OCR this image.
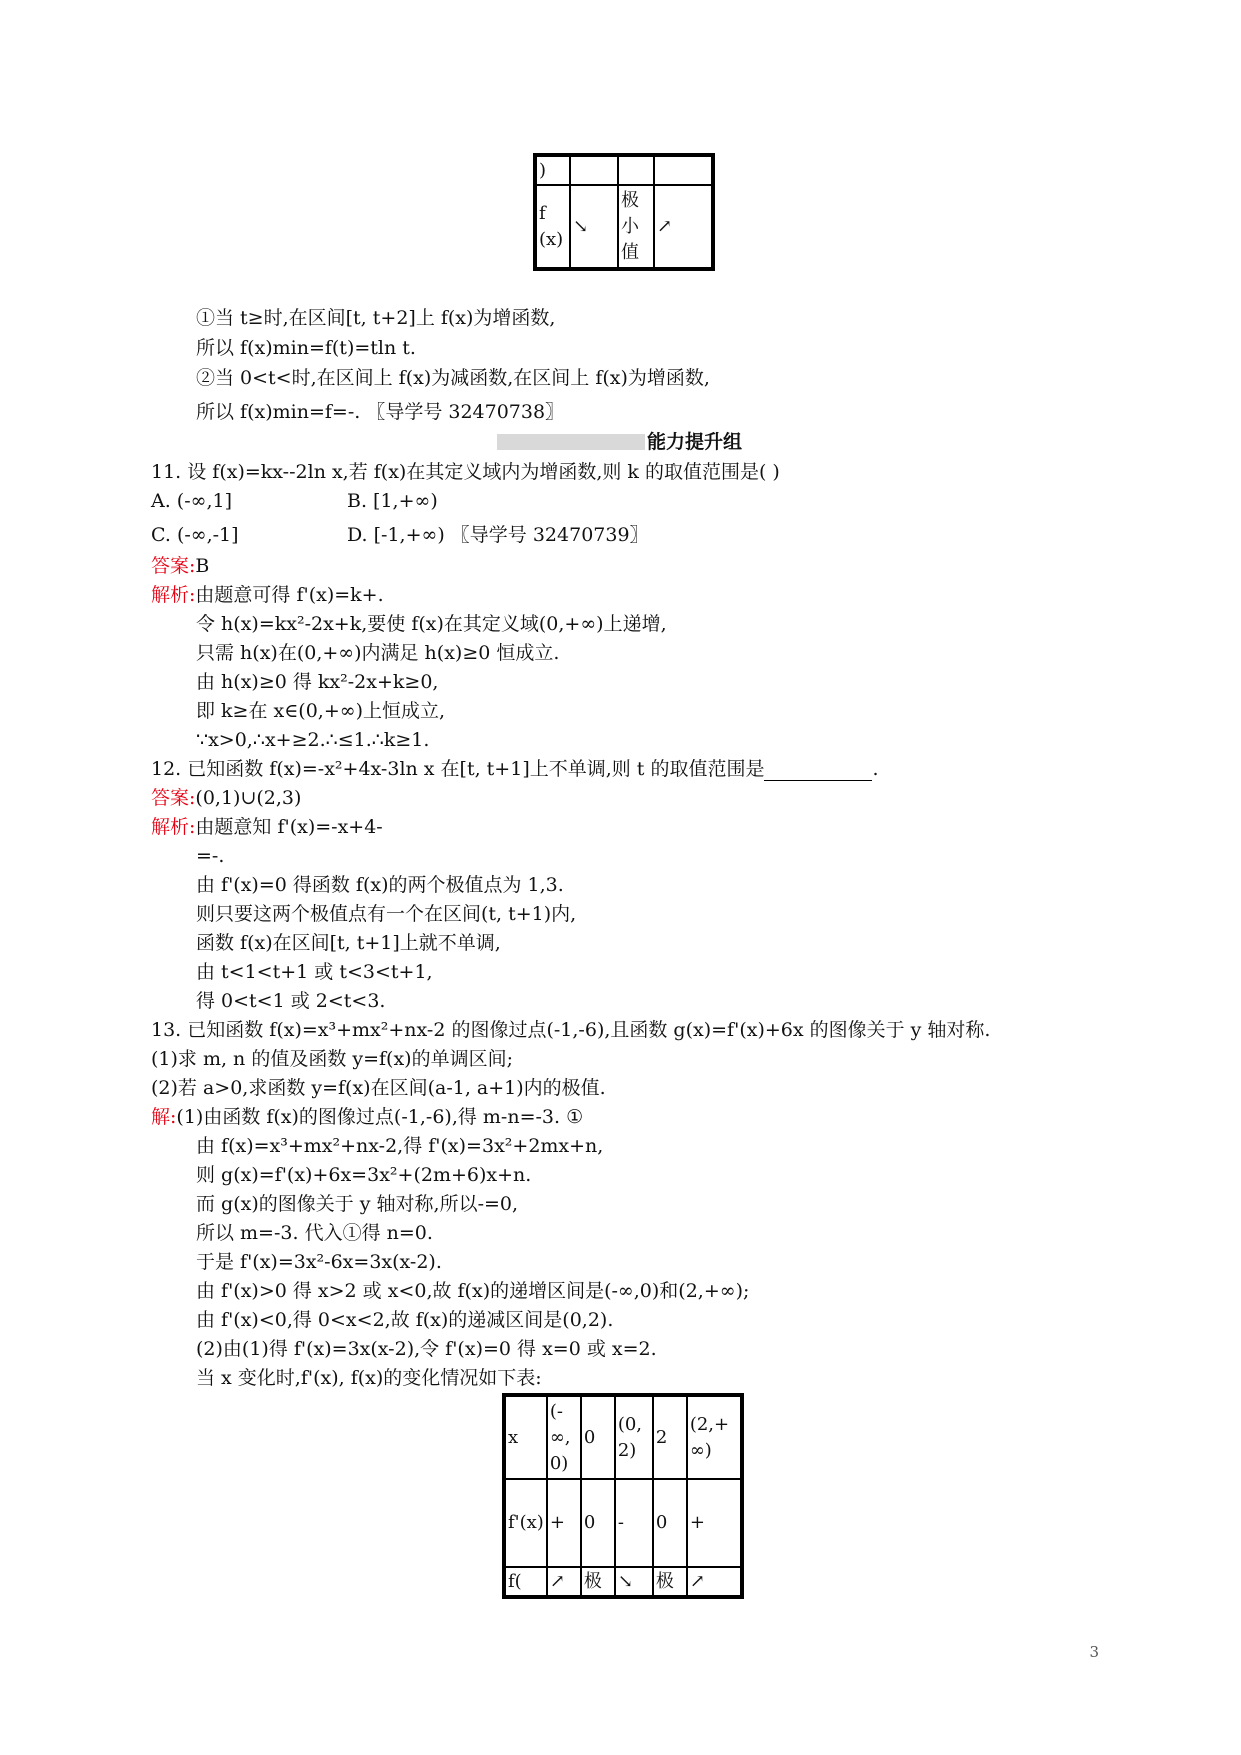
)			
f(x)	↘	极小值	↗
①当 t≥时,在区间[t, t+2]上 f(x)为增函数,
所以 f(x)min=f(t)=tln t.
②当 0<t<时,在区间上 f(x)为减函数,在区间上 f(x)为增函数,
所以 f(x)min=f=-. 〖导学号 32470738〗
能力提升组
11. 设 f(x)=kx--2ln x,若 f(x)在其定义域内为增函数,则 k 的取值范围是( )
A. (-∞,1]	B. [1,+∞)
C. (-∞,-1]	D. [-1,+∞) 〖导学号 32470739〗
答案:B
解析:由题意可得 f'(x)=k+.
令 h(x)=kx²-2x+k,要使 f(x)在其定义域(0,+∞)上递增,
只需 h(x)在(0,+∞)内满足 h(x)≥0 恒成立.
由 h(x)≥0 得 kx²-2x+k≥0,
即 k≥在 x∈(0,+∞)上恒成立,
∵x>0,∴x+≥2.∴≤1.∴k≥1.
12. 已知函数 f(x)=-x²+4x-3ln x 在[t, t+1]上不单调,则 t 的取值范围是	.
答案:(0,1)∪(2,3)
解析:由题意知 f'(x)=-x+4-
=-.
由 f'(x)=0 得函数 f(x)的两个极值点为 1,3.
则只要这两个极值点有一个在区间(t, t+1)内,
函数 f(x)在区间[t, t+1]上就不单调,
由 t<1<t+1 或 t<3<t+1,
得 0<t<1 或 2<t<3.
13. 已知函数 f(x)=x³+mx²+nx-2 的图像过点(-1,-6),且函数 g(x)=f'(x)+6x 的图像关于 y 轴对称.
(1)求 m, n 的值及函数 y=f(x)的单调区间;
(2)若 a>0,求函数 y=f(x)在区间(a-1, a+1)内的极值.
解:(1)由函数 f(x)的图像过点(-1,-6),得 m-n=-3. ①
由 f(x)=x³+mx²+nx-2,得 f'(x)=3x²+2mx+n,
则 g(x)=f'(x)+6x=3x²+(2m+6)x+n.
而 g(x)的图像关于 y 轴对称,所以-=0,
所以 m=-3. 代入①得 n=0.
于是 f'(x)=3x²-6x=3x(x-2).
由 f'(x)>0 得 x>2 或 x<0,故 f(x)的递增区间是(-∞,0)和(2,+∞);
由 f'(x)<0,得 0<x<2,故 f(x)的递减区间是(0,2).
(2)由(1)得 f'(x)=3x(x-2),令 f'(x)=0 得 x=0 或 x=2.
当 x 变化时,f'(x), f(x)的变化情况如下表:
x	(-∞,0)	0	(0,2)	2	(2,+∞)
f'(x)	+	0	-	0	+
f(	↗	极	↘	极	↗
3
